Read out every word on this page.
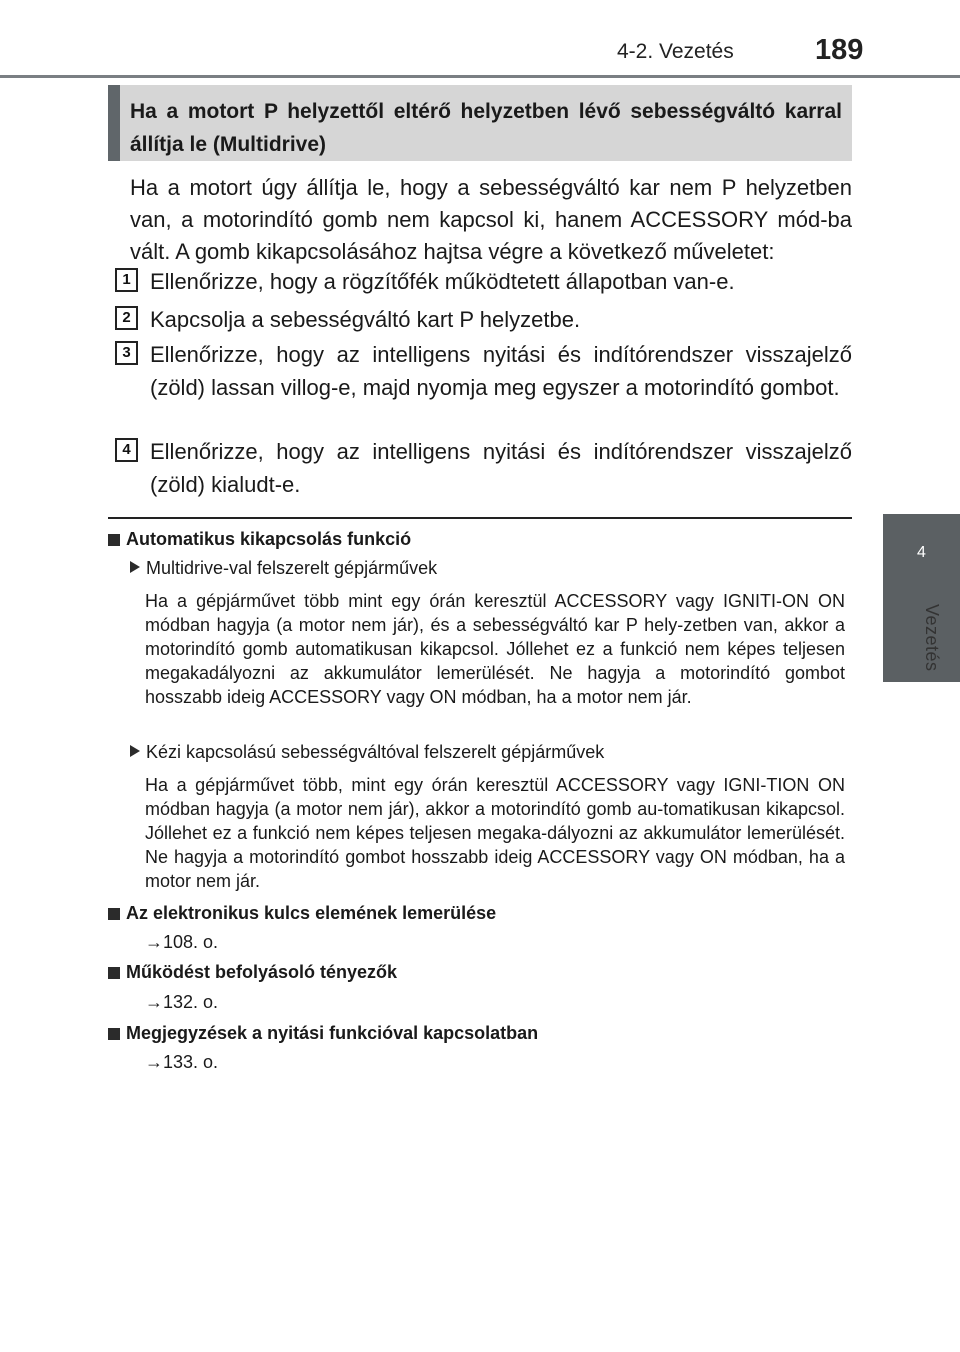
4-2. Vezetés	189
4
Vezetés
Ha a motort P helyzettől eltérő helyzetben lévő sebességváltó karral állítja le (Multidrive)
Ha a motort úgy állítja le, hogy a sebességváltó kar nem P helyzetben van, a motorindító gomb nem kapcsol ki, hanem ACCESSORY mód-ba vált. A gomb kikapcsolásához hajtsa végre a következő műveletet:
1 Ellenőrizze, hogy a rögzítőfék működtetett állapotban van-e.
2 Kapcsolja a sebességváltó kart P helyzetbe.
3 Ellenőrizze, hogy az intelligens nyitási és indítórendszer visszajelző (zöld) lassan villog-e, majd nyomja meg egyszer a motorindító gombot.
4 Ellenőrizze, hogy az intelligens nyitási és indítórendszer visszajelző (zöld) kialudt-e.
Automatikus kikapcsolás funkció
Multidrive-val felszerelt gépjárművek
Ha a gépjárművet több mint egy órán keresztül ACCESSORY vagy IGNITI-ON ON módban hagyja (a motor nem jár), és a sebességváltó kar P hely-zetben van, akkor a motorindító gomb automatikusan kikapcsol. Jóllehet ez a funkció nem képes teljesen megakadályozni az akkumulátor lemerülését. Ne hagyja a motorindító gombot hosszabb ideig ACCESSORY vagy ON módban, ha a motor nem jár.
Kézi kapcsolású sebességváltóval felszerelt gépjárművek
Ha a gépjárművet több, mint egy órán keresztül ACCESSORY vagy IGNI-TION ON módban hagyja (a motor nem jár), akkor a motorindító gomb au-tomatikusan kikapcsol. Jóllehet ez a funkció nem képes teljesen megaka-dályozni az akkumulátor lemerülését. Ne hagyja a motorindító gombot hosszabb ideig ACCESSORY vagy ON módban, ha a motor nem jár.
Az elektronikus kulcs elemének lemerülése
→108. o.
Működést befolyásoló tényezők
→132. o.
Megjegyzések a nyitási funkcióval kapcsolatban
→133. o.
